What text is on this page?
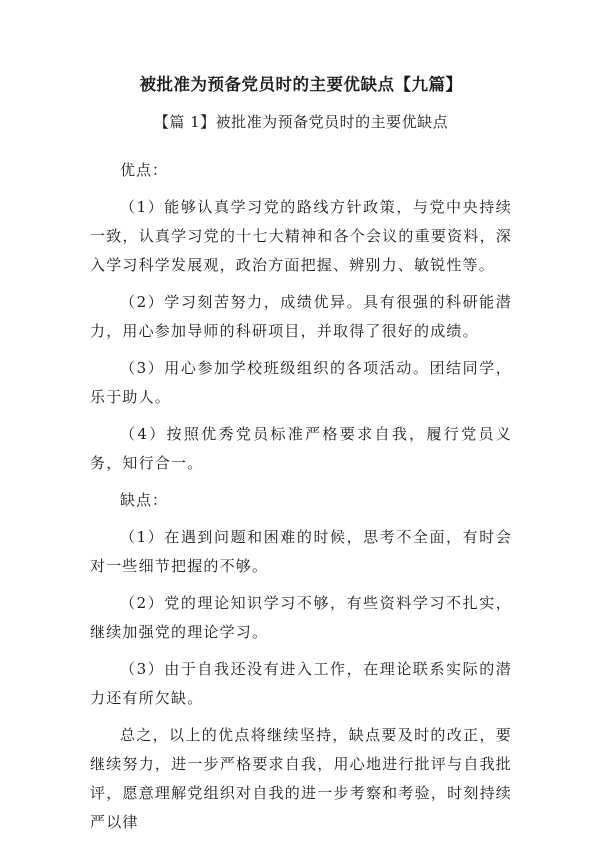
被批准为预备党员时的主要优缺点【九篇】
【篇 1】被批准为预备党员时的主要优缺点
优点：

（1）能够认真学习党的路线方针政策，与党中央持续一致，认真学习党的十七大精神和各个会议的重要资料，深入学习科学发展观，政治方面把握、辨别力、敏锐性等。

（2）学习刻苦努力，成绩优异。具有很强的科研能潜力，用心参加导师的科研项目，并取得了很好的成绩。

（3）用心参加学校班级组织的各项活动。团结同学，乐于助人。

（4）按照优秀党员标准严格要求自我，履行党员义务，知行合一。

缺点：

（1）在遇到问题和困难的时候，思考不全面，有时会对一些细节把握的不够。

（2）党的理论知识学习不够，有些资料学习不扎实，继续加强党的理论学习。

（3）由于自我还没有进入工作，在理论联系实际的潜力还有所欠缺。

总之，以上的优点将继续坚持，缺点要及时的改正，要继续努力，进一步严格要求自我，用心地进行批评与自我批评，愿意理解党组织对自我的进一步考察和考验，时刻持续严以律
